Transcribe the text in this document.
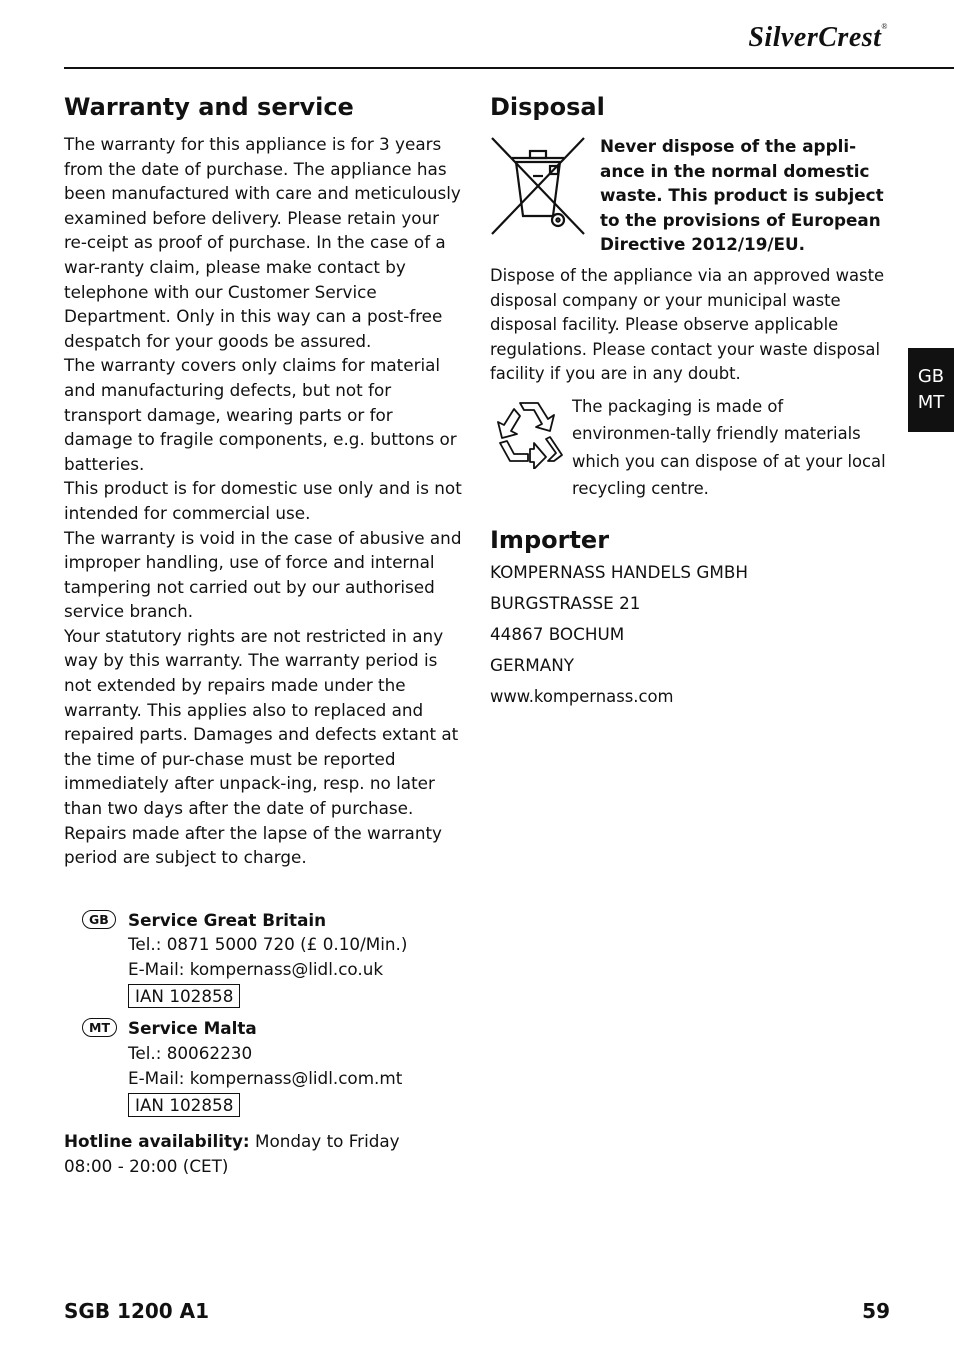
SilverCrest®
Warranty and service

The warranty for this appliance is for 3 years from the date of purchase. The appliance has been manufactured with care and meticulously examined before delivery. Please retain your re-ceipt as proof of purchase. In the case of a war-ranty claim, please make contact by telephone with our Customer Service Department. Only in this way can a post-free despatch for your goods be assured.

The warranty covers only claims for material and manufacturing defects, but not for transport damage, wearing parts or for damage to fragile components, e.g. buttons or batteries.

This product is for domestic use only and is not intended for commercial use.

The warranty is void in the case of abusive and improper handling, use of force and internal tampering not carried out by our authorised service branch.

Your statutory rights are not restricted in any way by this warranty. The warranty period is not extended by repairs made under the warranty. This applies also to replaced and repaired parts. Damages and defects extant at the time of pur-chase must be reported immediately after unpack-ing, resp. no later than two days after the date of purchase.

Repairs made after the lapse of the warranty period are subject to charge.

GB	Service Great Britain
Tel.: 0871 5000 720 (£ 0.10/Min.)
E-Mail: kompernass@lidl.co.uk
IAN 102858
MT	Service Malta
Tel.: 80062230
E-Mail: kompernass@lidl.com.mt
IAN 102858
Hotline availability: Monday to Friday
08:00 - 20:00 (CET)
Disposal
Never dispose of the appli-ance in the normal domestic waste. This product is subject to the provisions of European Directive 2012/19/EU.

Dispose of the appliance via an approved waste disposal company or your municipal waste disposal facility. Please observe applicable regulations. Please contact your waste disposal facility if you are in any doubt.

The packaging is made of environmen-tally friendly materials which you can dispose of at your local recycling centre.
Importer
KOMPERNASS HANDELS GMBH
BURGSTRASSE 21
44867 BOCHUM
GERMANY
www.kompernass.com
GB
MT
SGB 1200 A1	59
